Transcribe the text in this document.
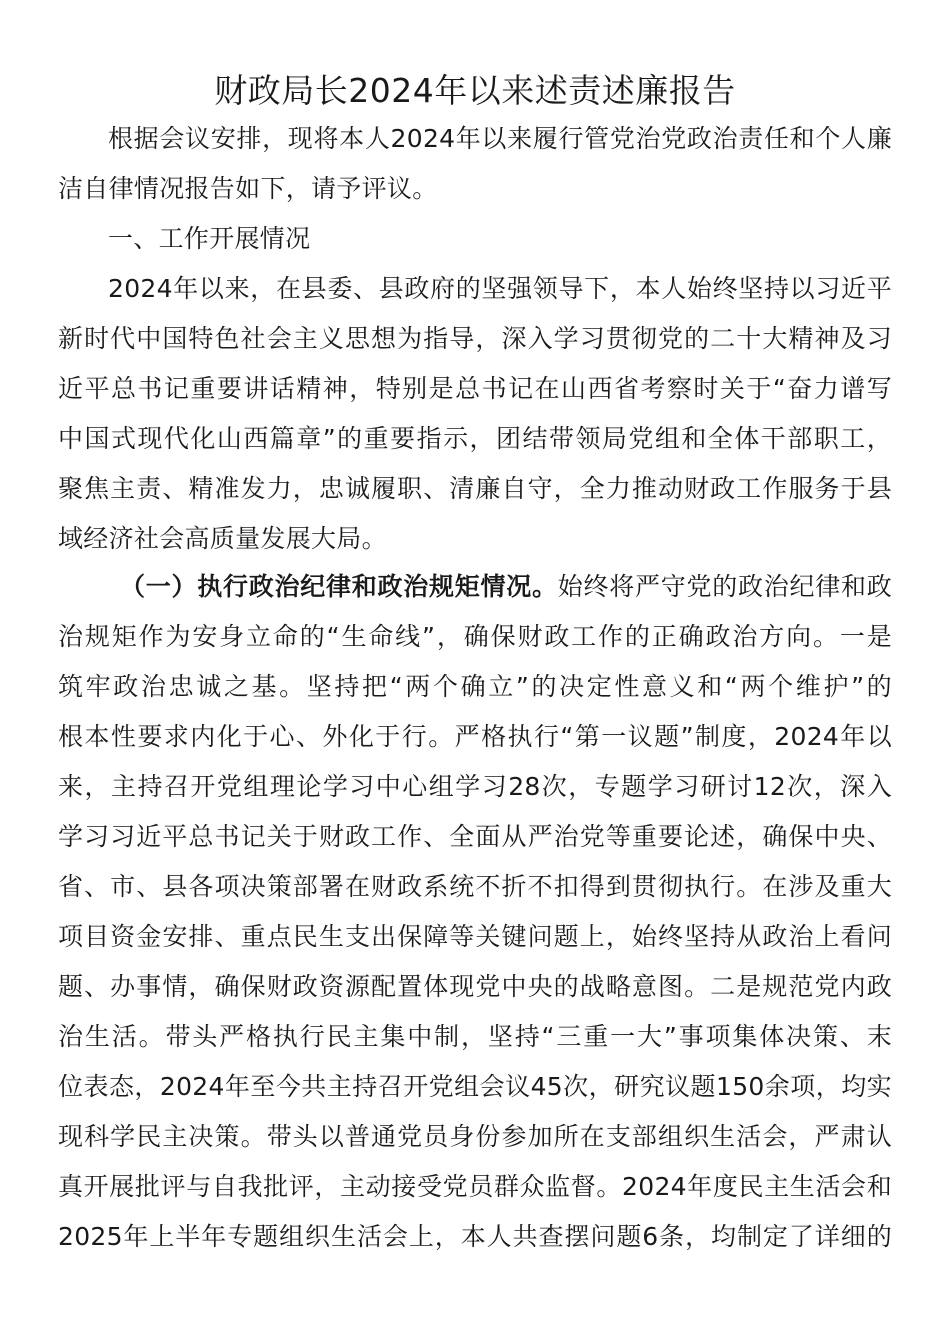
财政局长2024年以来述责述廉报告
根据会议安排，现将本人2024年以来履行管党治党政治责任和个人廉
洁自律情况报告如下，请予评议。
一、工作开展情况
2024年以来，在县委、县政府的坚强领导下，本人始终坚持以习近平
新时代中国特色社会主义思想为指导，深入学习贯彻党的二十大精神及习
近平总书记重要讲话精神，特别是总书记在山西省考察时关于“奋力谱写
中国式现代化山西篇章”的重要指示，团结带领局党组和全体干部职工，
聚焦主责、精准发力，忠诚履职、清廉自守，全力推动财政工作服务于县
域经济社会高质量发展大局。
（一）执行政治纪律和政治规矩情况。始终将严守党的政治纪律和政
治规矩作为安身立命的“生命线”，确保财政工作的正确政治方向。一是
筑牢政治忠诚之基。坚持把“两个确立”的决定性意义和“两个维护”的
根本性要求内化于心、外化于行。严格执行“第一议题”制度，2024年以
来，主持召开党组理论学习中心组学习28次，专题学习研讨12次，深入
学习习近平总书记关于财政工作、全面从严治党等重要论述，确保中央、
省、市、县各项决策部署在财政系统不折不扣得到贯彻执行。在涉及重大
项目资金安排、重点民生支出保障等关键问题上，始终坚持从政治上看问
题、办事情，确保财政资源配置体现党中央的战略意图。二是规范党内政
治生活。带头严格执行民主集中制，坚持“三重一大”事项集体决策、末
位表态，2024年至今共主持召开党组会议45次，研究议题150余项，均实
现科学民主决策。带头以普通党员身份参加所在支部组织生活会，严肃认
真开展批评与自我批评，主动接受党员群众监督。2024年度民主生活会和
2025年上半年专题组织生活会上，本人共查摆问题6条，均制定了详细的
